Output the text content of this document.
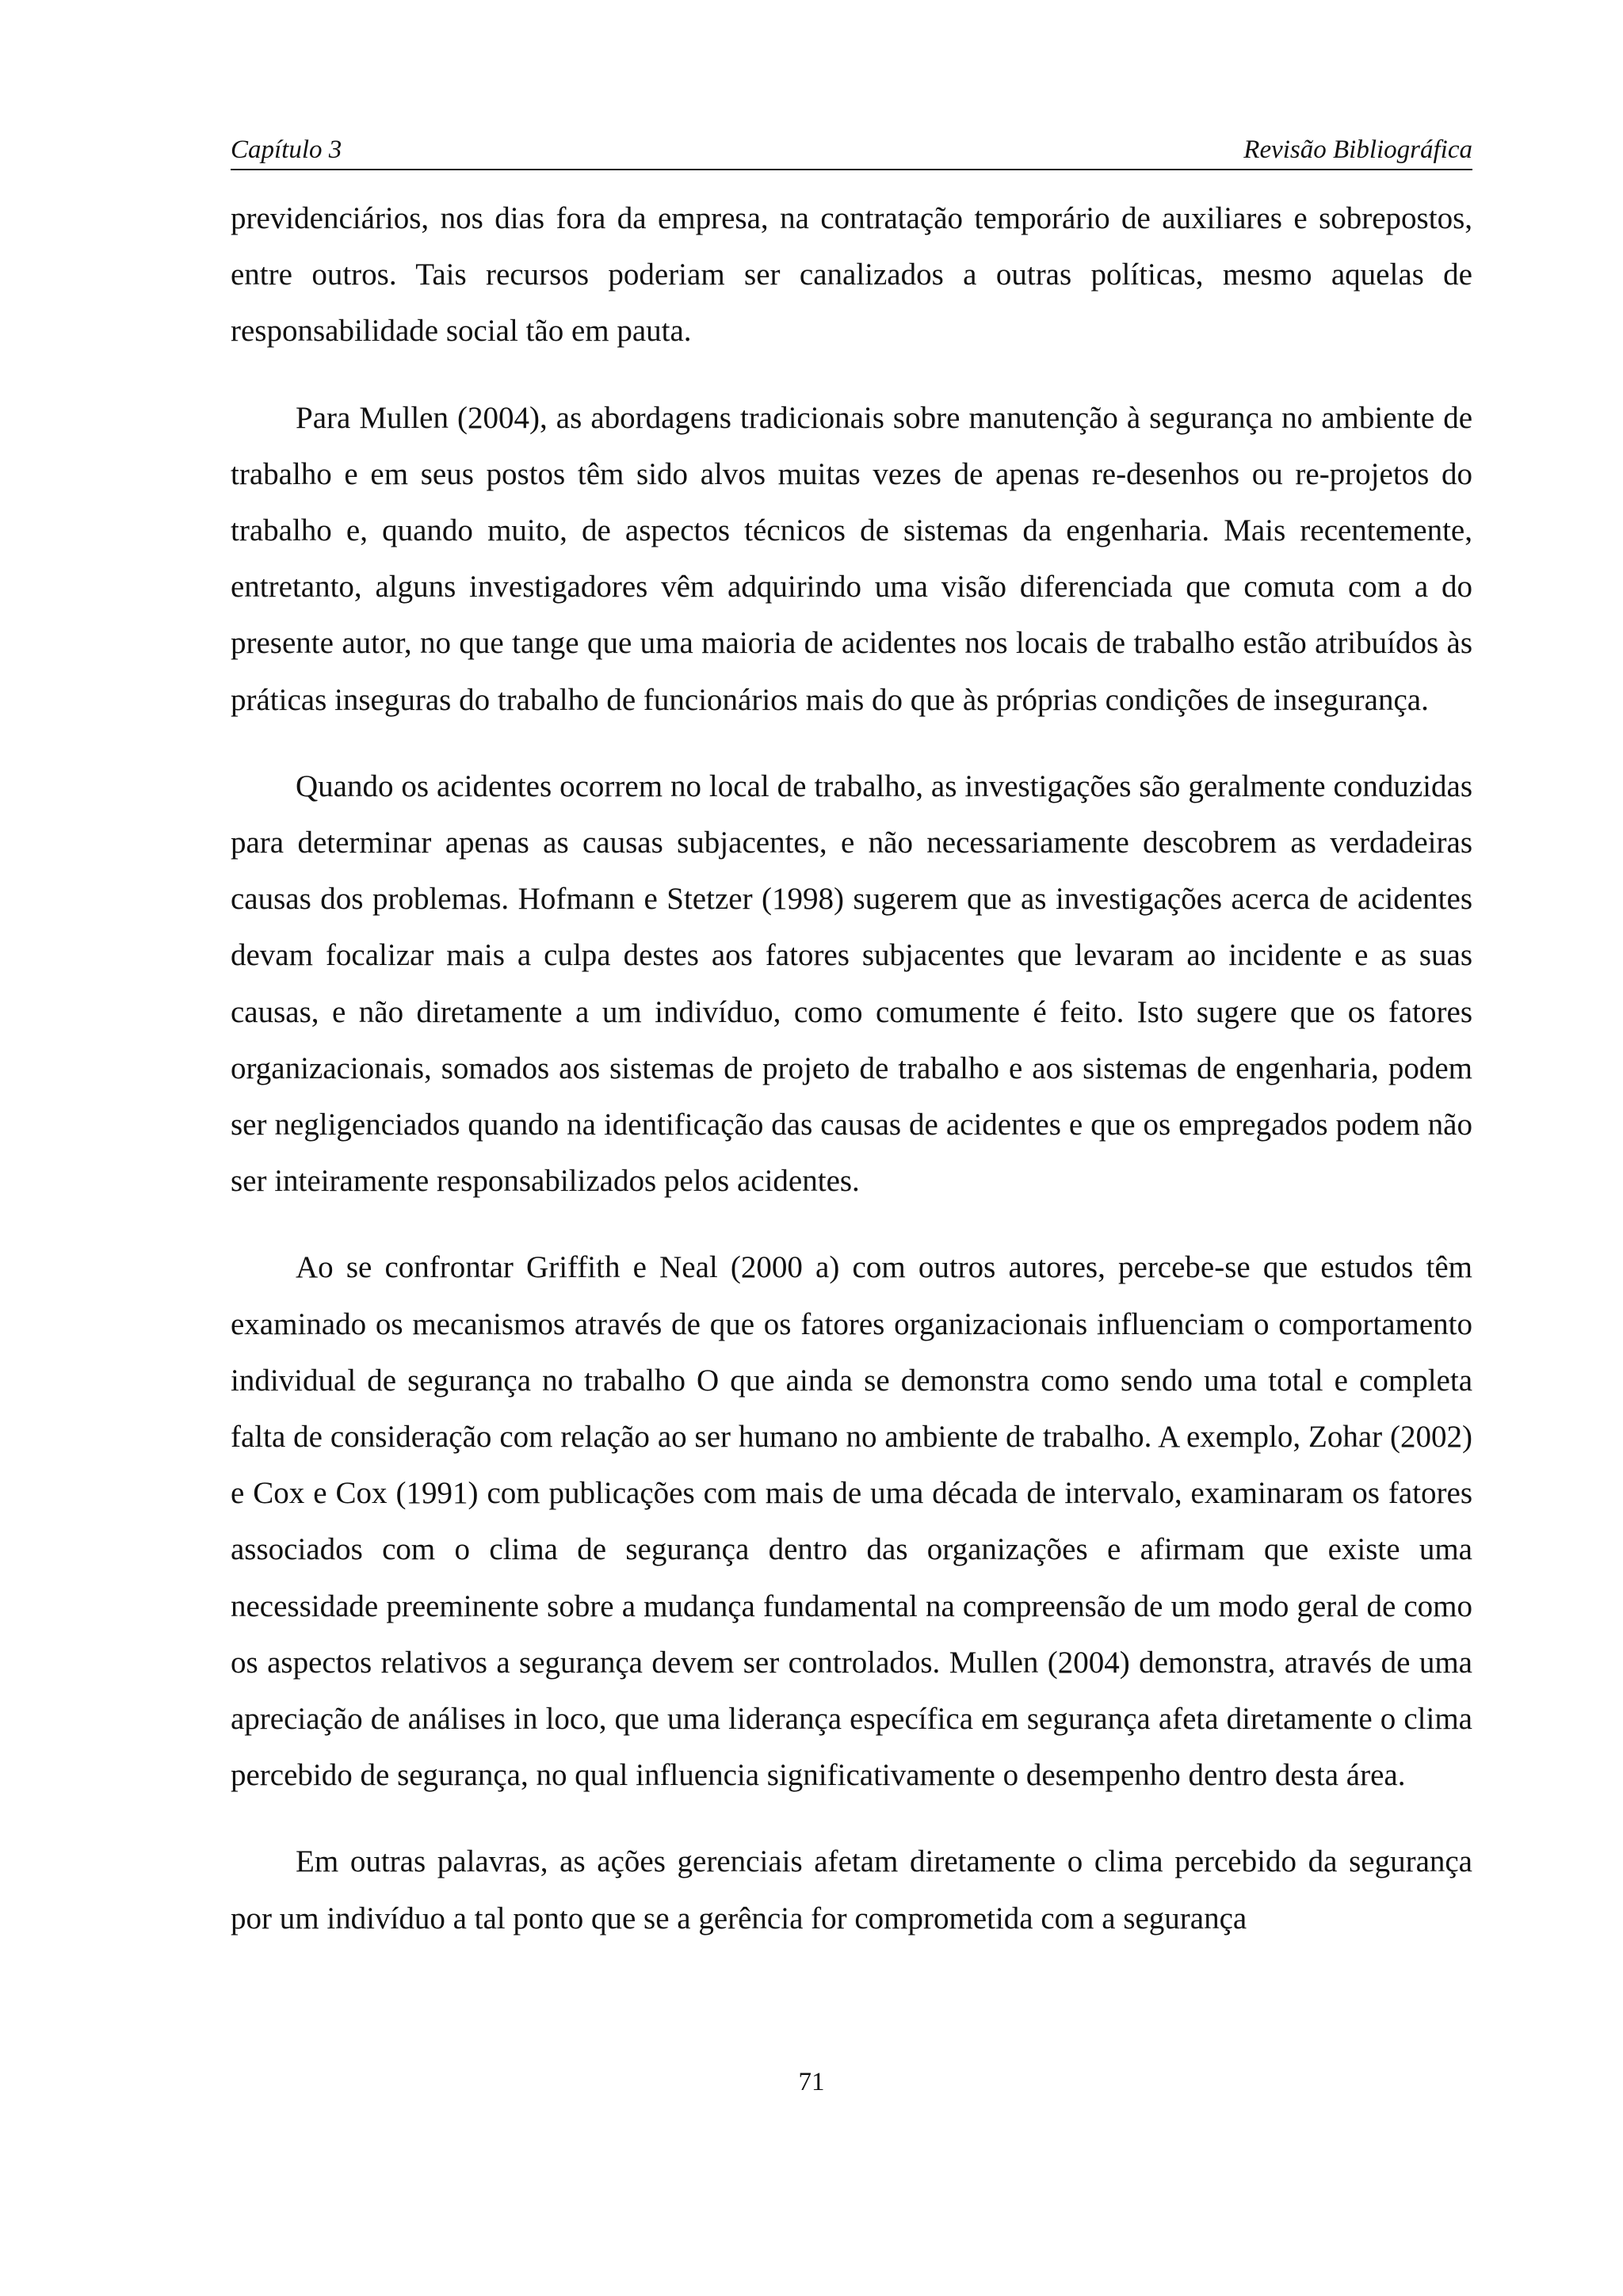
Capítulo 3	Revisão Bibliográfica

previdenciários, nos dias fora da empresa, na contratação temporário de auxiliares e sobrepostos, entre outros. Tais recursos poderiam ser canalizados a outras políticas, mesmo aquelas de responsabilidade social tão em pauta.

Para Mullen (2004), as abordagens tradicionais sobre manutenção à segurança no ambiente de trabalho e em seus postos têm sido alvos muitas vezes de apenas re-desenhos ou re-projetos do trabalho e, quando muito, de aspectos técnicos de sistemas da engenharia. Mais recentemente, entretanto, alguns investigadores vêm adquirindo uma visão diferenciada que comuta com a do presente autor, no que tange que uma maioria de acidentes nos locais de trabalho estão atribuídos às práticas inseguras do trabalho de funcionários mais do que às próprias condições de insegurança.

Quando os acidentes ocorrem no local de trabalho, as investigações são geralmente conduzidas para determinar apenas as causas subjacentes, e não necessariamente descobrem as verdadeiras causas dos problemas. Hofmann e Stetzer (1998) sugerem que as investigações acerca de acidentes devam focalizar mais a culpa destes aos fatores subjacentes que levaram ao incidente e as suas causas, e não diretamente a um indivíduo, como comumente é feito. Isto sugere que os fatores organizacionais, somados aos sistemas de projeto de trabalho e aos sistemas de engenharia, podem ser negligenciados quando na identificação das causas de acidentes e que os empregados podem não ser inteiramente responsabilizados pelos acidentes.

Ao se confrontar Griffith e Neal (2000 a) com outros autores, percebe-se que estudos têm examinado os mecanismos através de que os fatores organizacionais influenciam o comportamento individual de segurança no trabalho O que ainda se demonstra como sendo uma total e completa falta de consideração com relação ao ser humano no ambiente de trabalho. A exemplo, Zohar (2002) e Cox e Cox (1991) com publicações com mais de uma década de intervalo, examinaram os fatores associados com o clima de segurança dentro das organizações e afirmam que existe uma necessidade preeminente sobre a mudança fundamental na compreensão de um modo geral de como os aspectos relativos a segurança devem ser controlados. Mullen (2004) demonstra, através de uma apreciação de análises in loco, que uma liderança específica em segurança afeta diretamente o clima percebido de segurança, no qual influencia significativamente o desempenho dentro desta área.

Em outras palavras, as ações gerenciais afetam diretamente o clima percebido da segurança por um indivíduo a tal ponto que se a gerência for comprometida com a segurança

71
